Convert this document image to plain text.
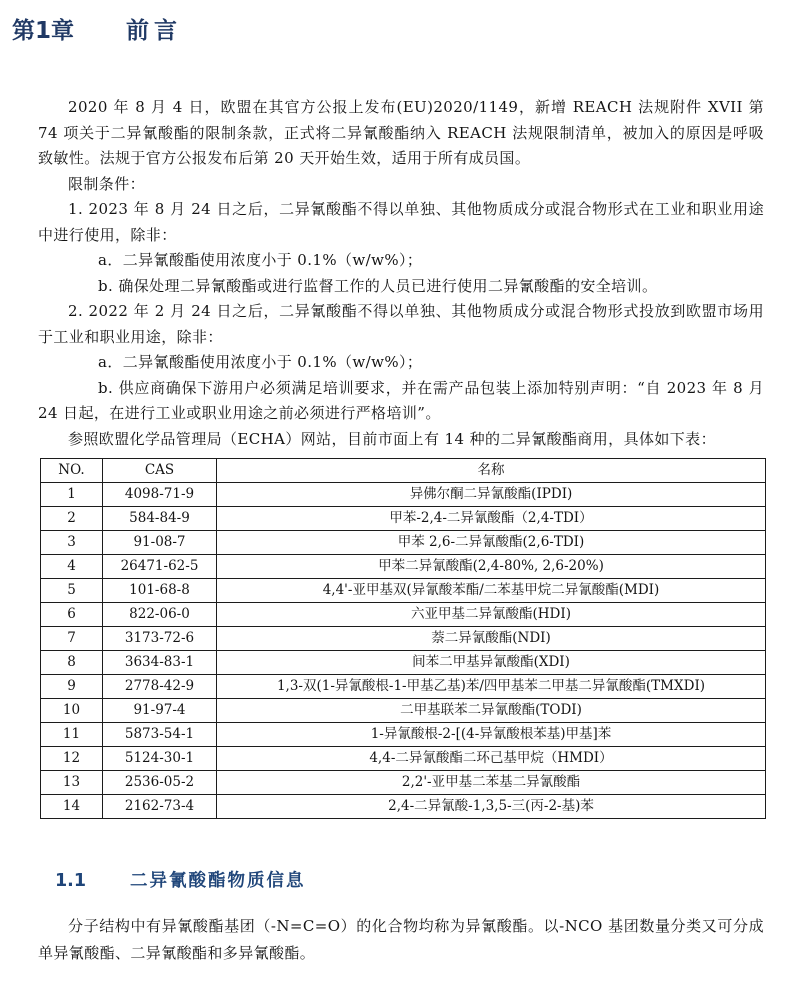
第1章 前言

2020 年 8 月 4 日，欧盟在其官方公报上发布(EU)2020/1149，新增 REACH 法规附件 XVII 第 74 项关于二异氰酸酯的限制条款，正式将二异氰酸酯纳入 REACH 法规限制清单，被加入的原因是呼吸致敏性。法规于官方公报发布后第 20 天开始生效，适用于所有成员国。

限制条件：

1. 2023 年 8 月 24 日之后，二异氰酸酯不得以单独、其他物质成分或混合物形式在工业和职业用途中进行使用，除非：

a．二异氰酸酯使用浓度小于 0.1%（w/w%）；

b. 确保处理二异氰酸酯或进行监督工作的人员已进行使用二异氰酸酯的安全培训。

2. 2022 年 2 月 24 日之后，二异氰酸酯不得以单独、其他物质成分或混合物形式投放到欧盟市场用于工业和职业用途，除非：

a．二异氰酸酯使用浓度小于 0.1%（w/w%）；

b. 供应商确保下游用户必须满足培训要求，并在需产品包装上添加特别声明：“自 2023 年 8 月 24 日起，在进行工业或职业用途之前必须进行严格培训”。

参照欧盟化学品管理局（ECHA）网站，目前市面上有 14 种的二异氰酸酯商用，具体如下表：

NO.	CAS	名称
1	4098-71-9	异佛尔酮二异氰酸酯(IPDI)
2	584-84-9	甲苯-2,4-二异氰酸酯（2,4-TDI）
3	91-08-7	甲苯 2,6-二异氰酸酯(2,6-TDI)
4	26471-62-5	甲苯二异氰酸酯(2,4-80%, 2,6-20%)
5	101-68-8	4,4'-亚甲基双(异氰酸苯酯/二苯基甲烷二异氰酸酯(MDI)
6	822-06-0	六亚甲基二异氰酸酯(HDI)
7	3173-72-6	萘二异氰酸酯(NDI)
8	3634-83-1	间苯二甲基异氰酸酯(XDI)
9	2778-42-9	1,3-双(1-异氰酸根-1-甲基乙基)苯/四甲基苯二甲基二异氰酸酯(TMXDI)
10	91-97-4	二甲基联苯二异氰酸酯(TODI)
11	5873-54-1	1-异氰酸根-2-[(4-异氰酸根苯基)甲基]苯
12	5124-30-1	4,4-二异氰酸酯二环己基甲烷（HMDI）
13	2536-05-2	2,2'-亚甲基二苯基二异氰酸酯
14	2162-73-4	2,4-二异氰酸-1,3,5-三(丙-2-基)苯
1.1	二异氰酸酯物质信息

分子结构中有异氰酸酯基团（-N=C=O）的化合物均称为异氰酸酯。以-NCO 基团数量分类又可分成单异氰酸酯、二异氰酸酯和多异氰酸酯。
